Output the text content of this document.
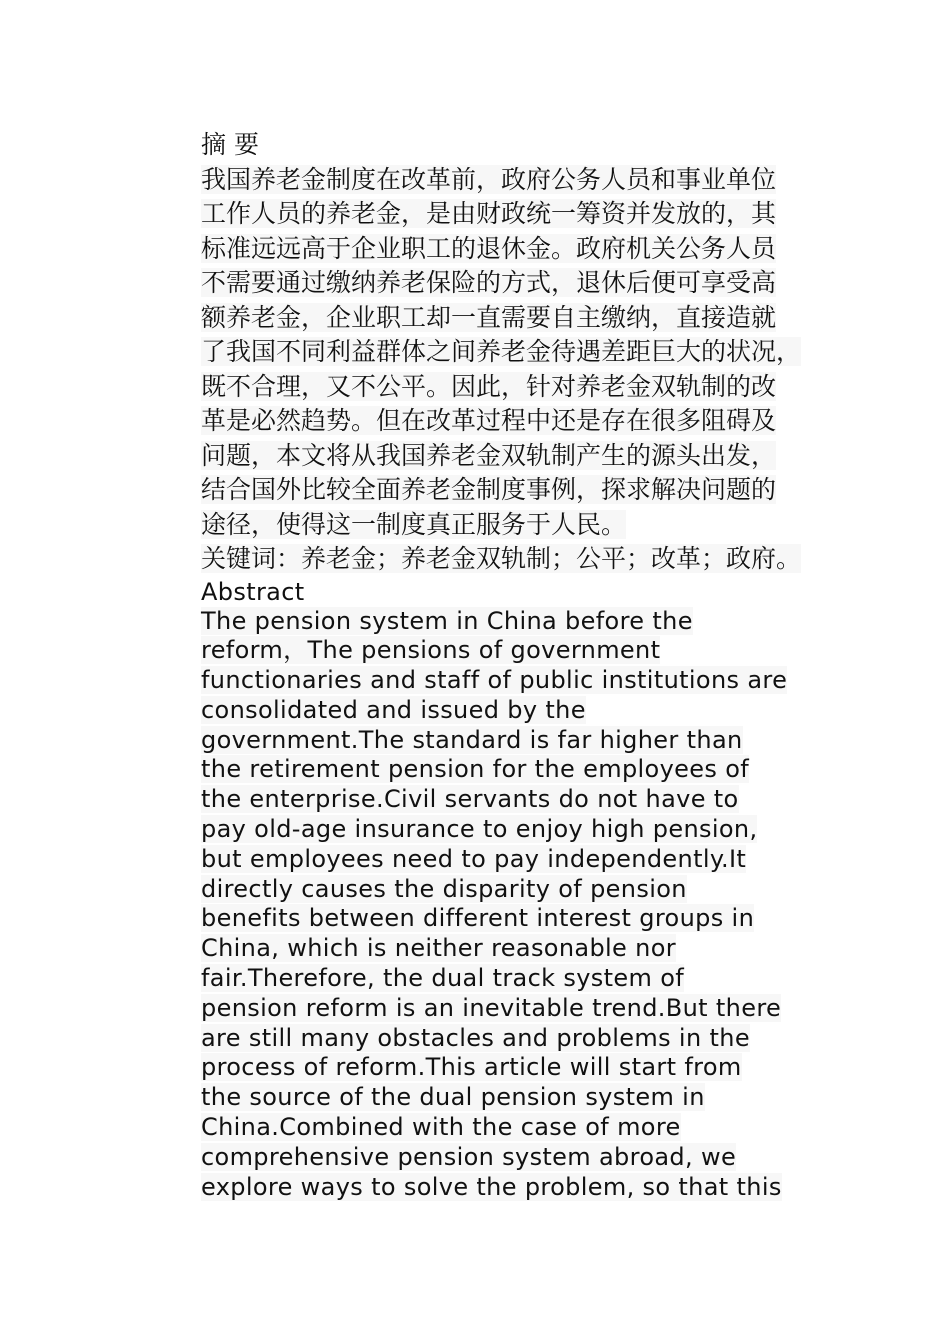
摘 要
我国养老金制度在改革前，政府公务人员和事业单位
工作人员的养老金，是由财政统一筹资并发放的，其
标准远远高于企业职工的退休金。政府机关公务人员
不需要通过缴纳养老保险的方式，退休后便可享受高
额养老金，企业职工却一直需要自主缴纳，直接造就
了我国不同利益群体之间养老金待遇差距巨大的状况，
既不合理，又不公平。因此，针对养老金双轨制的改
革是必然趋势。但在改革过程中还是存在很多阻碍及
问题，本文将从我国养老金双轨制产生的源头出发，
结合国外比较全面养老金制度事例，探求解决问题的
途径，使得这一制度真正服务于人民。
关键词：养老金；养老金双轨制；公平；改革；政府。
Abstract
The pension system in China before the
reform，The pensions of government
functionaries and staff of public institutions are
consolidated and issued by the
government.The standard is far higher than
the retirement pension for the employees of
the enterprise.Civil servants do not have to
pay old-age insurance to enjoy high pension,
but employees need to pay independently.It
directly causes the disparity of pension
benefits between different interest groups in
China, which is neither reasonable nor
fair.Therefore, the dual track system of
pension reform is an inevitable trend.But there
are still many obstacles and problems in the
process of reform.This article will start from
the source of the dual pension system in
China.Combined with the case of more
comprehensive pension system abroad, we
explore ways to solve the problem, so that this
